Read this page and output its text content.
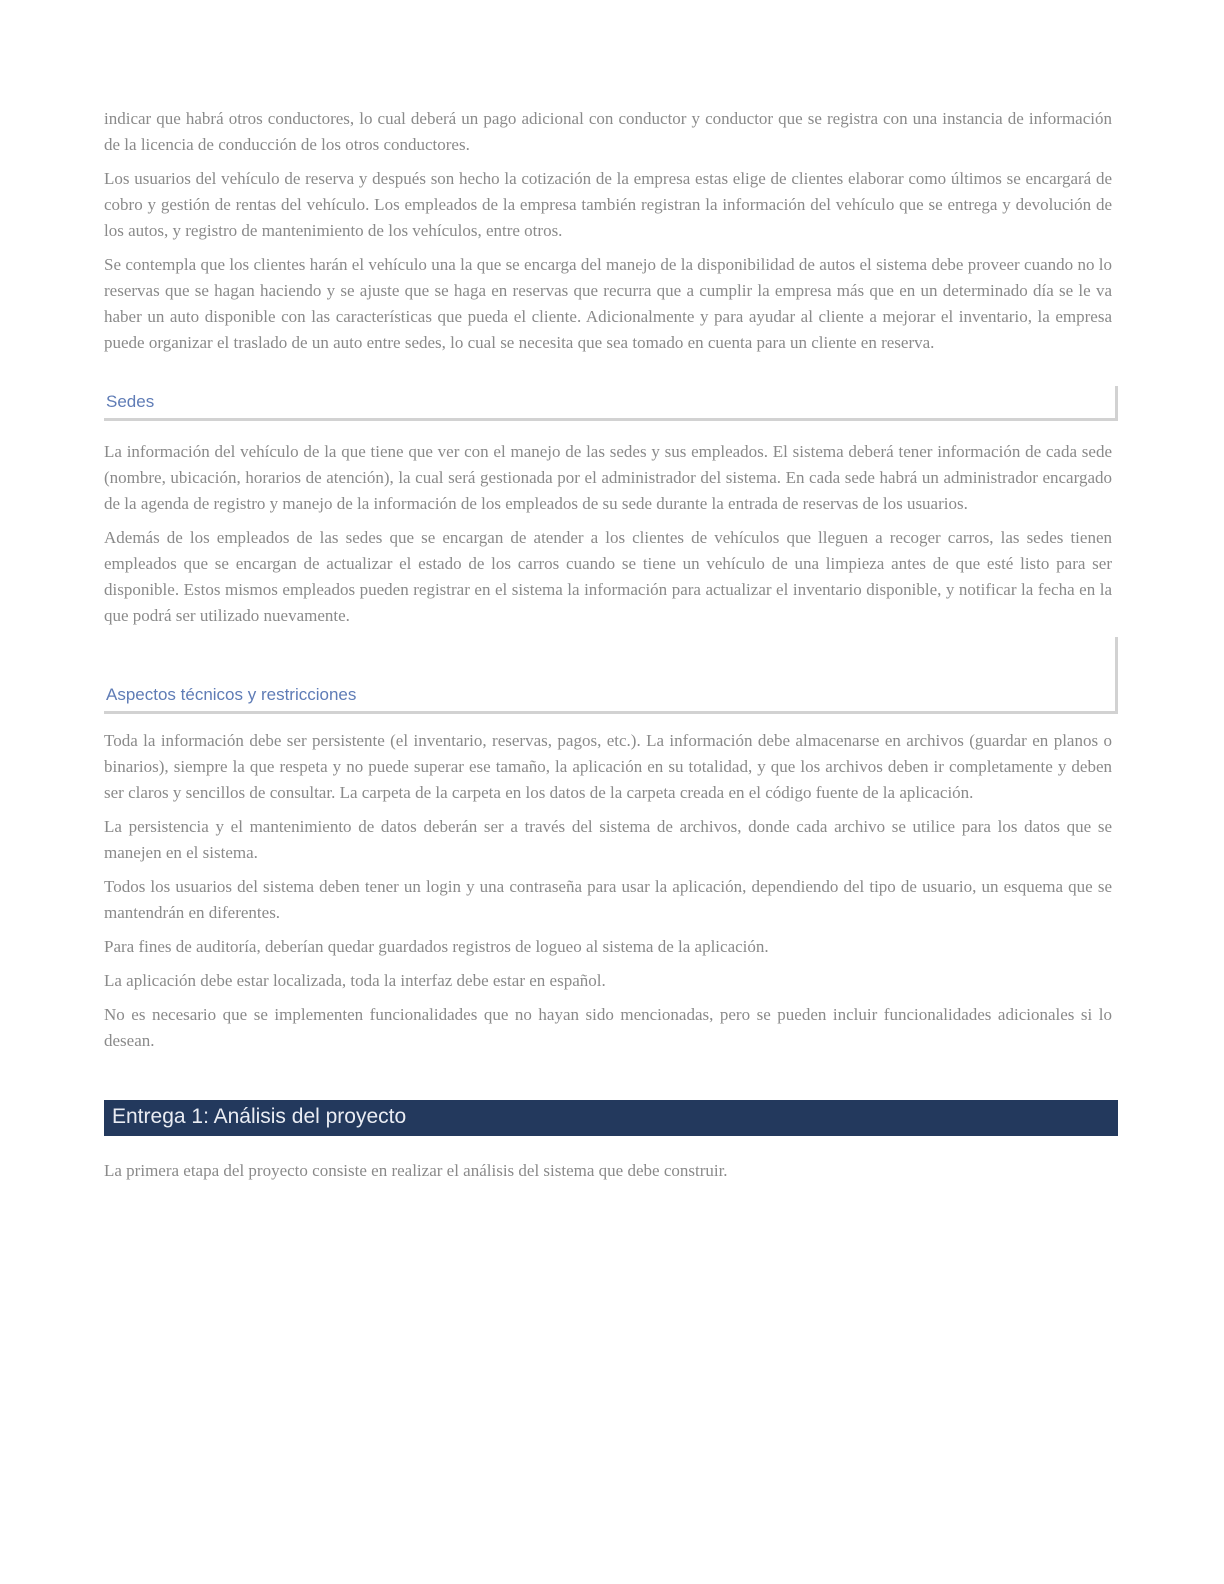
indicar que habrá otros conductores, lo cual deberá un pago adicional con conductor y conductor que se registra con una instancia de información de la licencia de conducción de los otros conductores.

Los usuarios del vehículo de reserva y después son hecho la cotización de la empresa estas elige de clientes elaborar como últimos se encargará de cobro y gestión de rentas del vehículo. Los empleados de la empresa también registran la información del vehículo que se entrega y devolución de los autos, y registro de mantenimiento de los vehículos, entre otros.

Se contempla que los clientes harán el vehículo una la que se encarga del manejo de la disponibilidad de autos el sistema debe proveer cuando no lo reservas que se hagan haciendo y se ajuste que se haga en reservas que recurra que a cumplir la empresa más que en un determinado día se le va haber un auto disponible con las características que pueda el cliente. Adicionalmente y para ayudar al cliente a mejorar el inventario, la empresa puede organizar el traslado de un auto entre sedes, lo cual se necesita que sea tomado en cuenta para un cliente en reserva.

Sedes

La información del vehículo de la que tiene que ver con el manejo de las sedes y sus empleados. El sistema deberá tener información de cada sede (nombre, ubicación, horarios de atención), la cual será gestionada por el administrador del sistema. En cada sede habrá un administrador encargado de la agenda de registro y manejo de la información de los empleados de su sede durante la entrada de reservas de los usuarios.

Además de los empleados de las sedes que se encargan de atender a los clientes de vehículos que lleguen a recoger carros, las sedes tienen empleados que se encargan de actualizar el estado de los carros cuando se tiene un vehículo de una limpieza antes de que esté listo para ser disponible. Estos mismos empleados pueden registrar en el sistema la información para actualizar el inventario disponible, y notificar la fecha en la que podrá ser utilizado nuevamente.

Aspectos técnicos y restricciones

Toda la información debe ser persistente (el inventario, reservas, pagos, etc.). La información debe almacenarse en archivos (guardar en planos o binarios), siempre la que respeta y no puede superar ese tamaño, la aplicación en su totalidad, y que los archivos deben ir completamente y deben ser claros y sencillos de consultar. La carpeta de la carpeta en los datos de la carpeta creada en el código fuente de la aplicación.

La persistencia y el mantenimiento de datos deberán ser a través del sistema de archivos, donde cada archivo se utilice para los datos que se manejen en el sistema.

Todos los usuarios del sistema deben tener un login y una contraseña para usar la aplicación, dependiendo del tipo de usuario, un esquema que se mantendrán en diferentes.

Para fines de auditoría, deberían quedar guardados registros de logueo al sistema de la aplicación.

La aplicación debe estar localizada, toda la interfaz debe estar en español.

No es necesario que se implementen funcionalidades que no hayan sido mencionadas, pero se pueden incluir funcionalidades adicionales si lo desean.

Entrega 1: Análisis del proyecto

La primera etapa del proyecto consiste en realizar el análisis del sistema que debe construir.
